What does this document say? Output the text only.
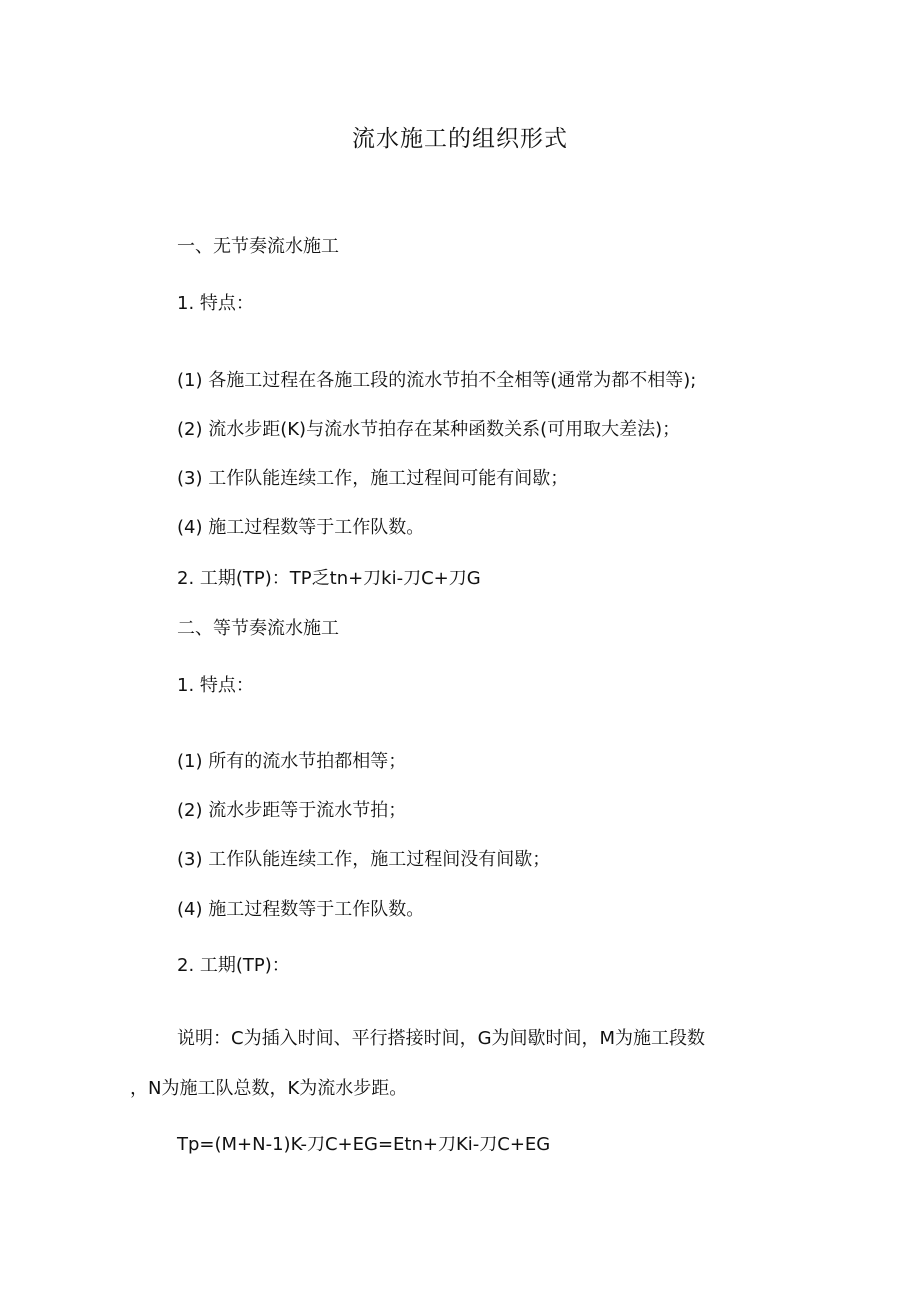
流水施工的组织形式
一、无节奏流水施工
1. 特点：
(1) 各施工过程在各施工段的流水节拍不全相等(通常为都不相等);
(2) 流水步距(K)与流水节拍存在某种函数关系(可用取大差法)；
(3) 工作队能连续工作，施工过程间可能有间歇；
(4) 施工过程数等于工作队数。
2. 工期(TP)：TP乏tn+刀ki-刀C+刀G
二、等节奏流水施工
1. 特点：
(1) 所有的流水节拍都相等；
(2) 流水步距等于流水节拍；
(3) 工作队能连续工作，施工过程间没有间歇；
(4) 施工过程数等于工作队数。
2. 工期(TP)：
说明：C为插入时间、平行搭接时间，G为间歇时间，M为施工段数
，N为施工队总数，K为流水步距。
Tp=(M+N-1)K-刀C+EG=Etn+刀Ki-刀C+EG
